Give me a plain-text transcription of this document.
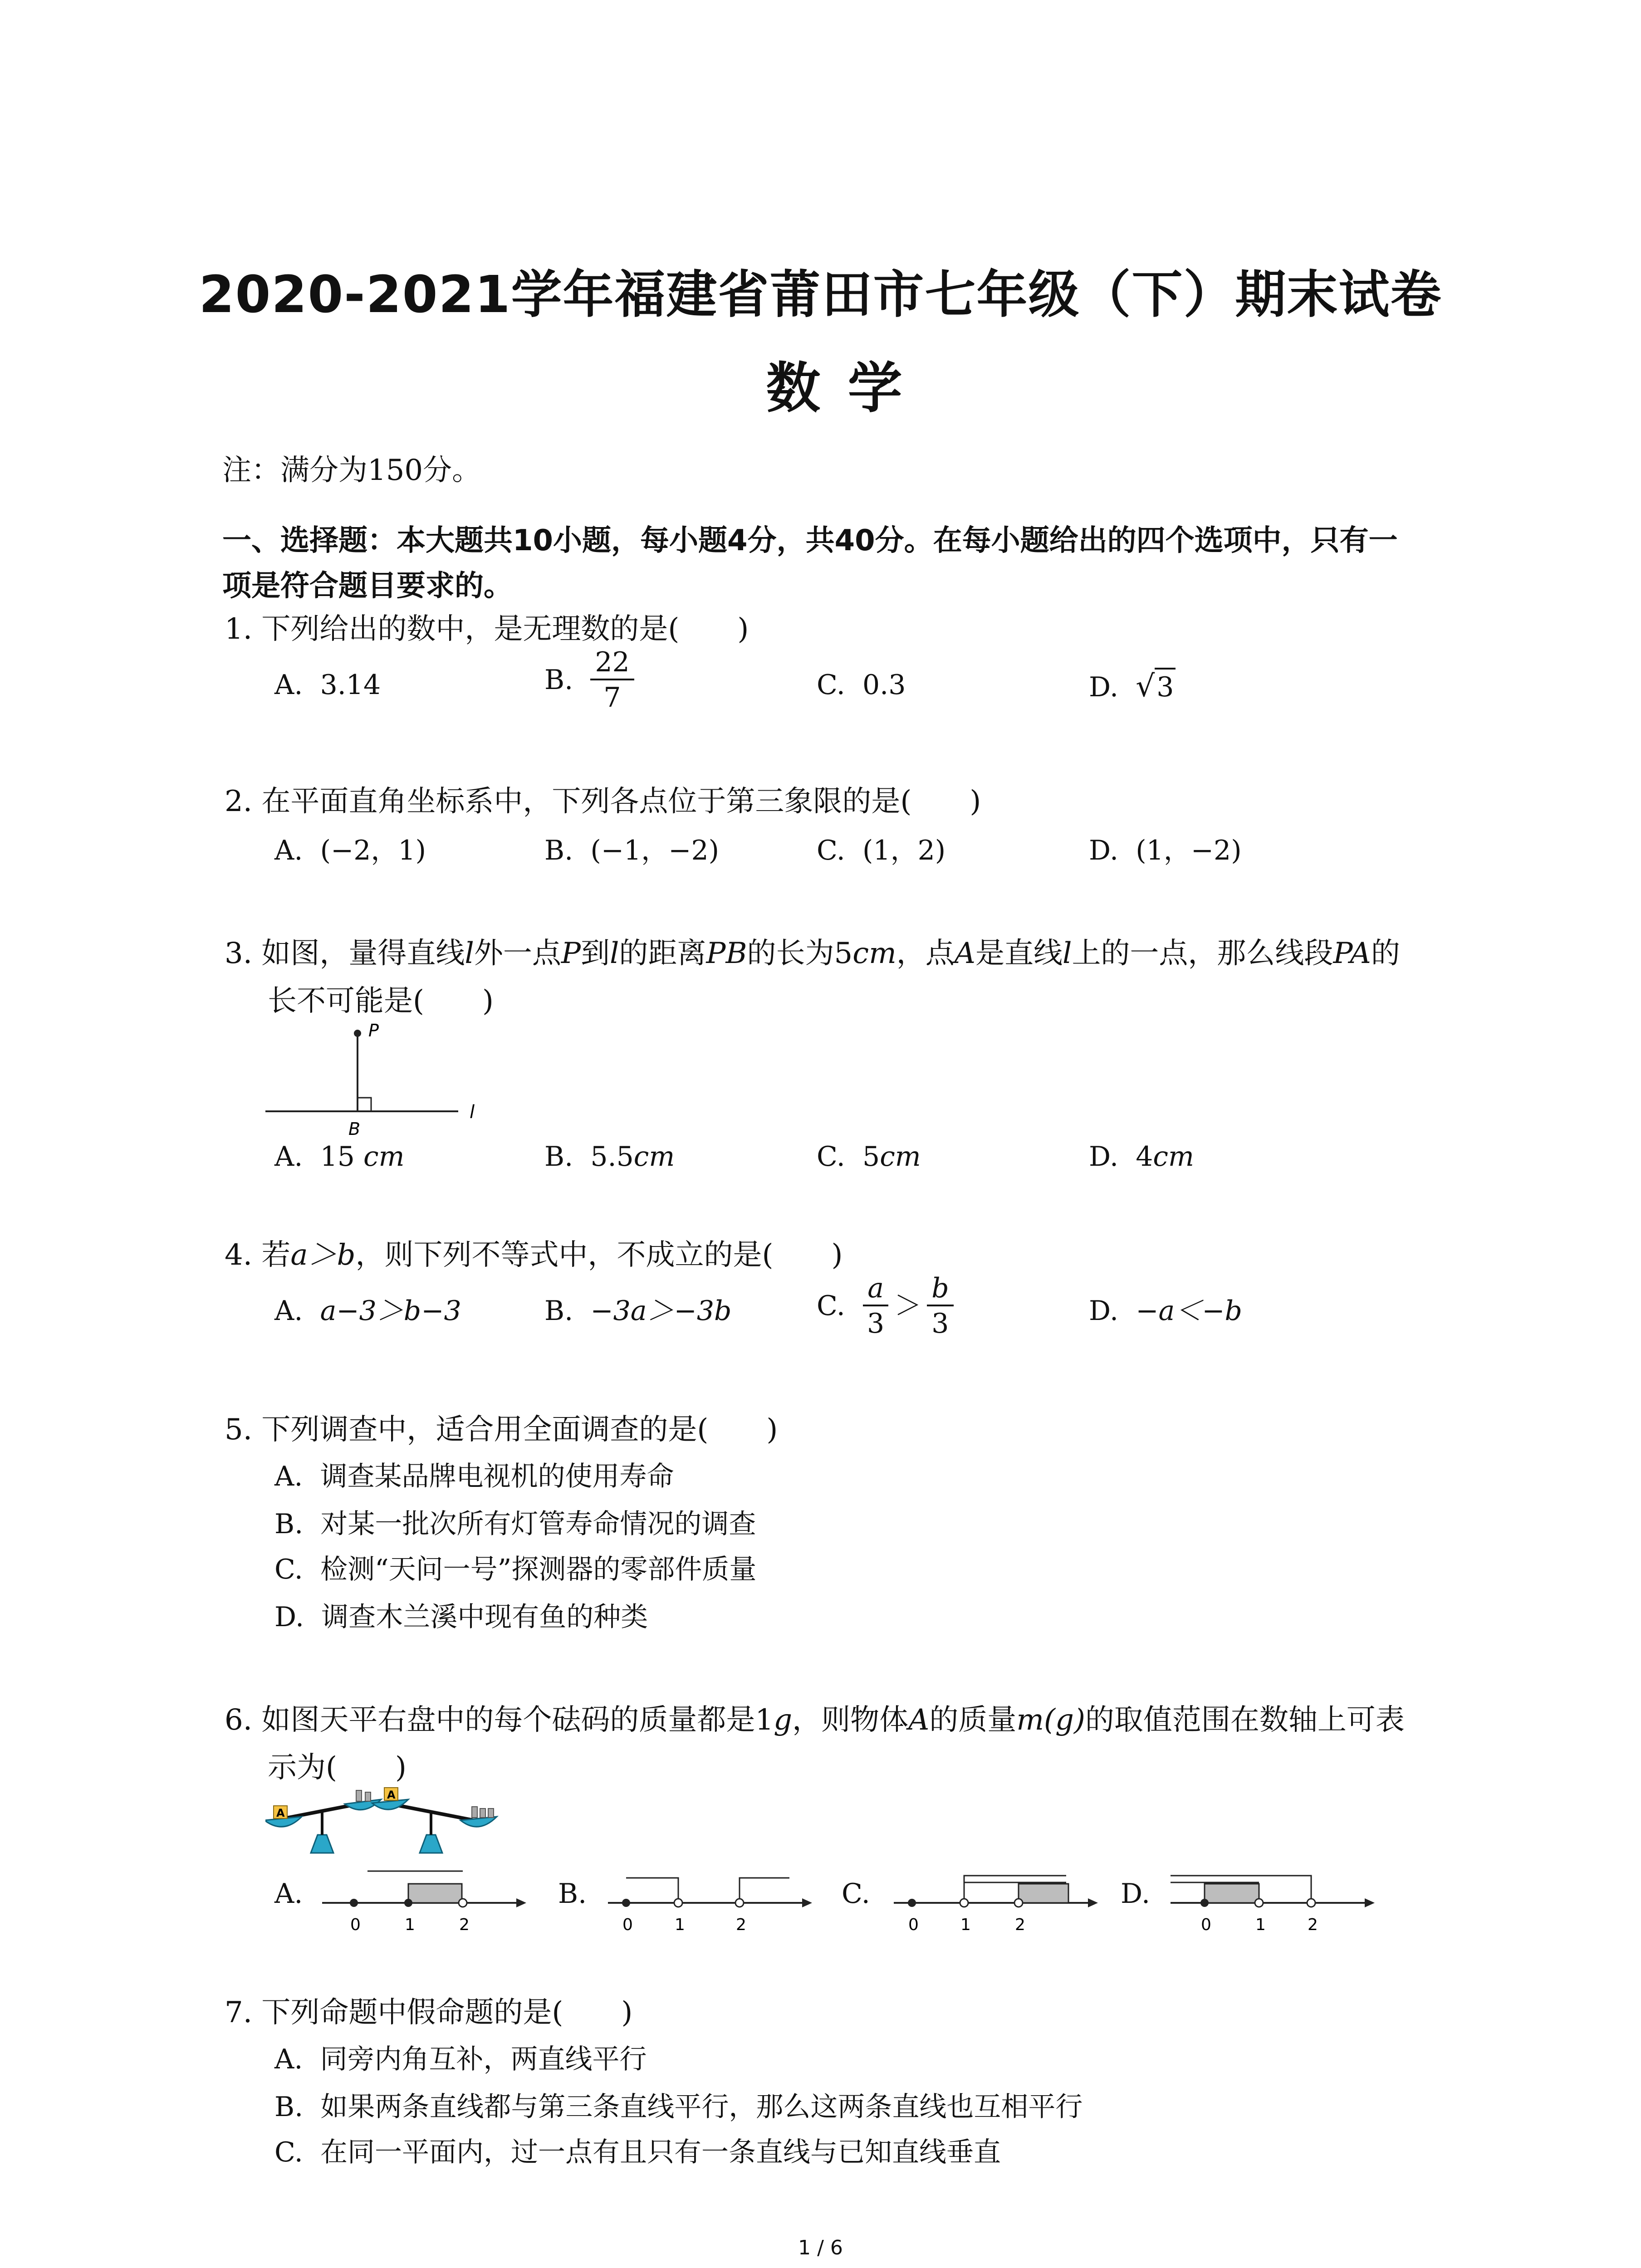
2020-2021学年福建省莆田市七年级（下）期末试卷
数学
注：满分为150分。
一、选择题：本大题共10小题，每小题4分，共40分。在每小题给出的四个选项中，只有一
项是符合题目要求的。
1. 下列给出的数中，是无理数的是(　　)
A. 3.14	B.
$\frac{22}{7}$	C. 0.3	D. √3
2. 在平面直角坐标系中，下列各点位于第三象限的是(　　)
A. (−2，1)	B. (−1，−2)	C. (1，2)	D. (1，−2)
3. 如图，量得直线l外一点P到l的距离PB的长为5cm，点A是直线l上的一点，那么线段PA的
长不可能是(　　)
P
B
l
A. 15 cm	B. 5.5cm	C. 5cm	D. 4cm
4. 若a＞b，则下列不等式中，不成立的是(　　)
A. a−3＞b−3	B. −3a＞−3b	C.
$\frac{a}{3} > \frac{b}{3}$	D. −a＜−b
5. 下列调查中，适合用全面调查的是(　　)
A. 调查某品牌电视机的使用寿命
B. 对某一批次所有灯管寿命情况的调查
C. 检测“天问一号”探测器的零部件质量
D. 调查木兰溪中现有鱼的种类
6. 如图天平右盘中的每个砝码的质量都是1g，则物体A的质量m(g)的取值范围在数轴上可表
示为(　　)
A
A
A.
0	1	2
B.
0	1	2
C.
0	1	2
D.
0	1	2
7. 下列命题中假命题的是(　　)
A. 同旁内角互补，两直线平行
B. 如果两条直线都与第三条直线平行，那么这两条直线也互相平行
C. 在同一平面内，过一点有且只有一条直线与已知直线垂直
1 / 6
